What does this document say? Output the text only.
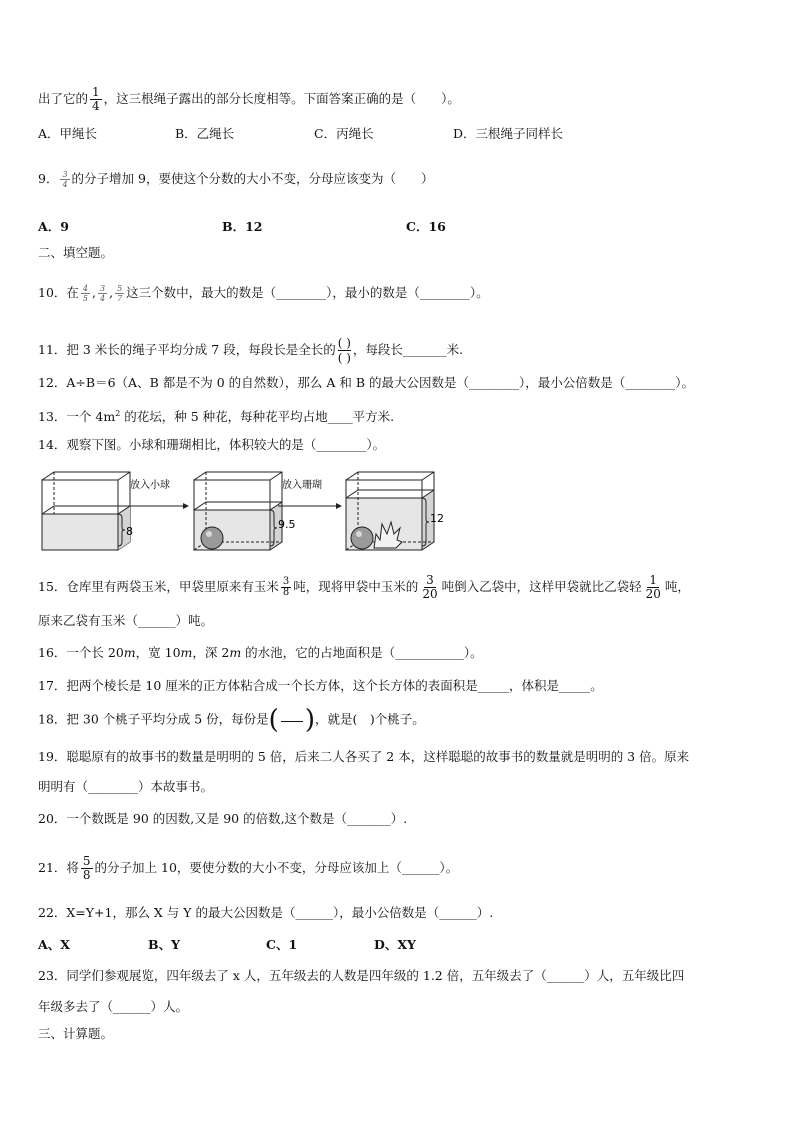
出了它的 $\frac{1}{4}$ ，这三根绳子露出的部分长度相等。下面答案正确的是（　　）。
A．甲绳长	B．乙绳长	C．丙绳长	D．三根绳子同样长
9． $\frac{3}{4}$ 的分子增加 9，要使这个分数的大小不变，分母应该变为（　　）
A．9	B．12	C．16
二、填空题。
10．在 $\frac{4}{5}$ , $\frac{3}{4}$ , $\frac{5}{7}$ 这三个数中，最大的数是（________），最小的数是（________）。
11．把 3 米长的绳子平均分成 7 段，每段长是全长的 ( )
( )
，每段长_______米.
12．A÷B＝6（A、B 都是不为 0 的自然数），那么 A 和 B 的最大公因数是（________），最小公倍数是（________）。
13．一个 $4m^2$ 的花坛，种 5 种花，每种花平均占地____平方米.
14．观察下图。小球和珊瑚相比，体积较大的是（________）。
8
放入小球
9.5
放入珊瑚
12
15．仓库里有两袋玉米，甲袋里原来有玉米 $\frac{3}{8}$ 吨，现将甲袋中玉米的 $\frac{3}{20}$ 吨倒入乙袋中，这样甲袋就比乙袋轻 $\frac{1}{20}$ 吨，
原来乙袋有玉米（______）吨。
16．一个长 20m，宽 10m，深 2m 的水池，它的占地面积是（___________）。
17．把两个棱长是 10 厘米的正方体粘合成一个长方体，这个长方体的表面积是_____，体积是_____。
18．把 30 个桃子平均分成 5 份，每份是( )，就是(　)个桃子。
19．聪聪原有的故事书的数量是明明的 5 倍，后来二人各买了 2 本，这样聪聪的故事书的数量就是明明的 3 倍。原来
明明有（________）本故事书。
20．一个数既是 90 的因数,又是 90 的倍数,这个数是（_______）.
21．将 $\frac{5}{8}$ 的分子加上 10，要使分数的大小不变，分母应该加上（______）。
22．X=Y+1，那么 X 与 Y 的最大公因数是（______），最小公倍数是（______）.
A、X	B、Y	C、1	D、XY
23．同学们参观展览，四年级去了 x 人，五年级去的人数是四年级的 1.2 倍，五年级去了（______）人，五年级比四
年级多去了（______）人。
三、计算题。
